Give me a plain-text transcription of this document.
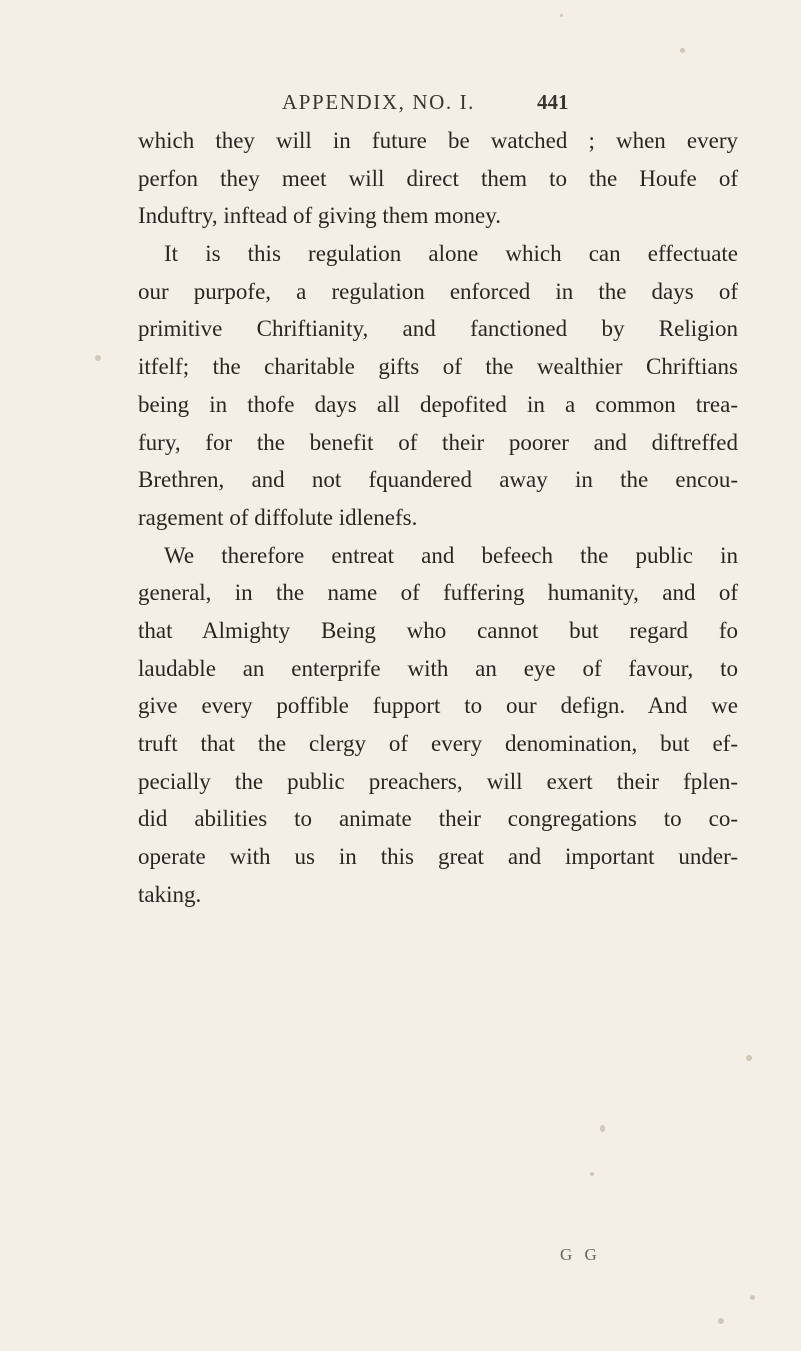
APPENDIX, NO. I.	441
which they will in future be watched ; when every
perfon they meet will direct them to the Houfe of
Induftry, inftead of giving them money.
It is this regulation alone which can effectuate
our purpofe, a regulation enforced in the days of
primitive Chriftianity, and fanctioned by Religion
itfelf; the charitable gifts of the wealthier Chriftians
being in thofe days all depofited in a common trea-
fury, for the benefit of their poorer and diftreffed
Brethren, and not fquandered away in the encou-
ragement of diffolute idlenefs.
We therefore entreat and befeech the public in
general, in the name of fuffering humanity, and of
that Almighty Being who cannot but regard fo
laudable an enterprife with an eye of favour, to
give every poffible fupport to our defign. And we
truft that the clergy of every denomination, but ef-
pecially the public preachers, will exert their fplen-
did abilities to animate their congregations to co-
operate with us in this great and important under-
taking.
G G
